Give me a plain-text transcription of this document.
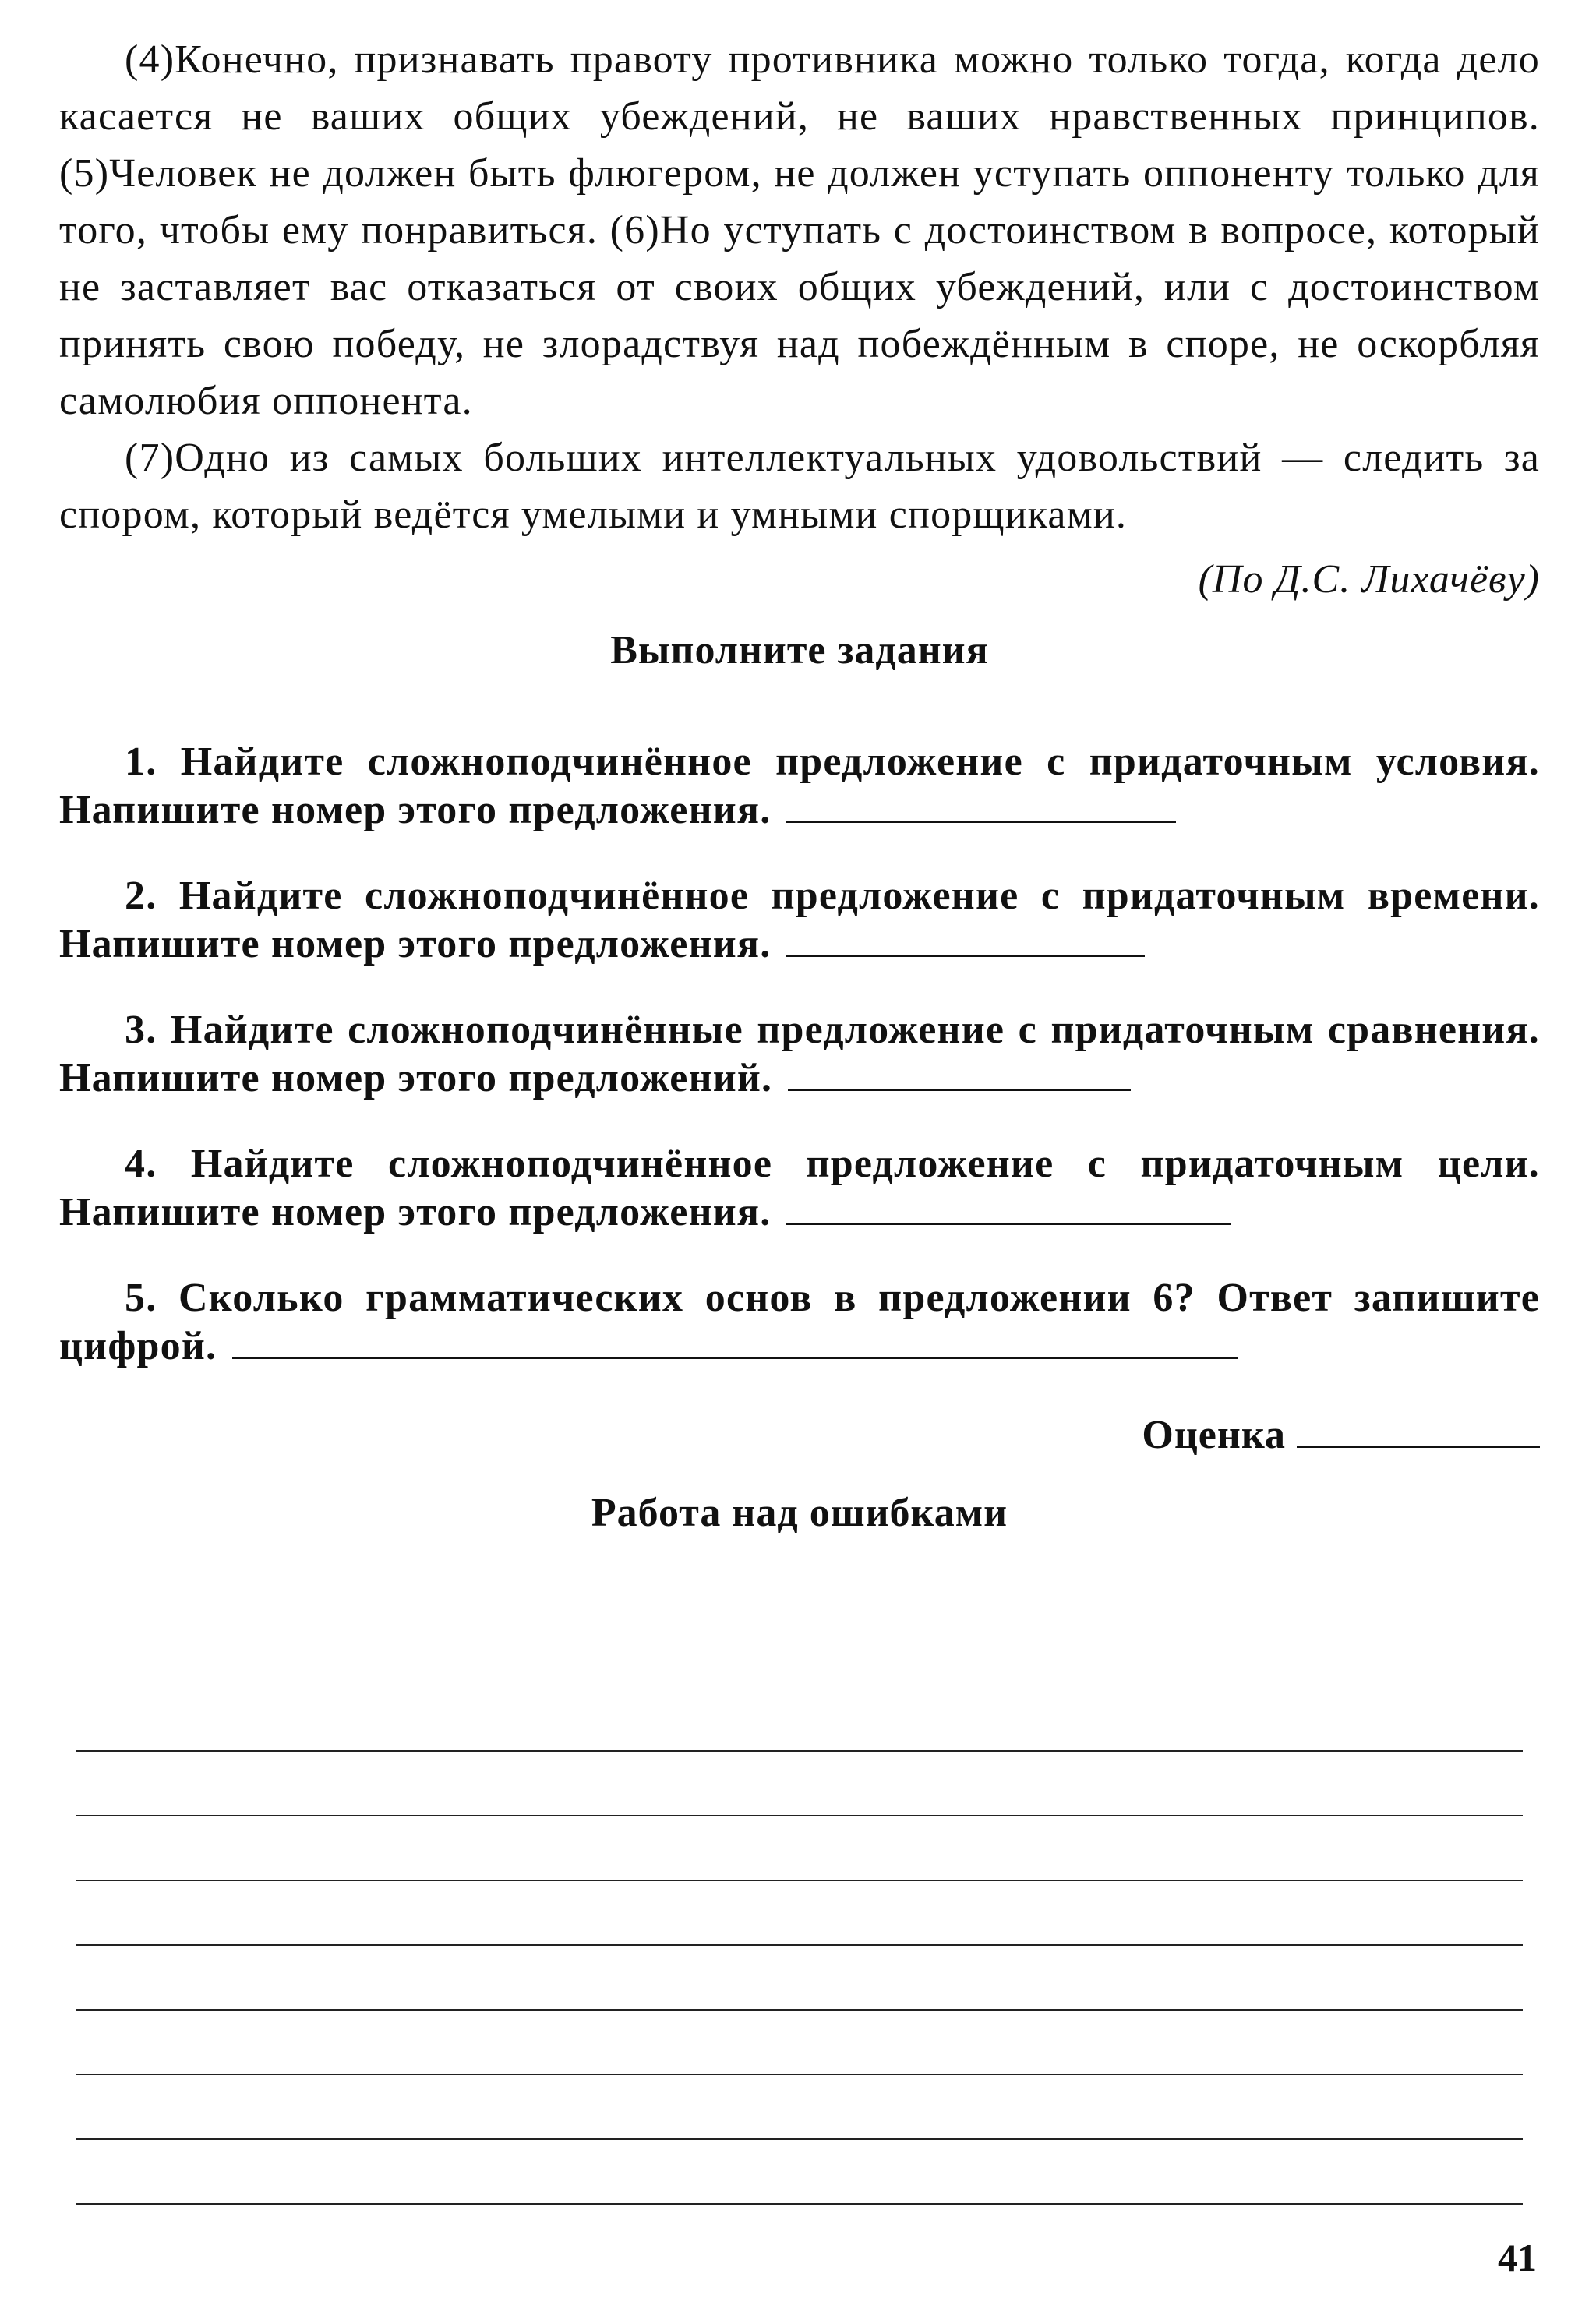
(4)Конечно, признавать правоту противника можно только тогда, когда дело касается не ваших общих убеждений, не ваших нравственных принципов. (5)Человек не должен быть флюгером, не должен уступать оппоненту только для того, чтобы ему понравиться. (6)Но уступать с достоинством в вопросе, который не заставляет вас отказаться от своих общих убеждений, или с достоинством принять свою победу, не злорадствуя над побеждённым в споре, не оскорбляя самолюбия оппонента.

(7)Одно из самых больших интеллектуальных удовольствий — следить за спором, который ведётся умелыми и умными спорщиками.

(По Д.С. Лихачёву)

Выполните задания

1. Найдите сложноподчинённое предложение с придаточным условия. Напишите номер этого предложения.

2. Найдите сложноподчинённое предложение с придаточным времени. Напишите номер этого предложения.

3. Найдите сложноподчинённые предложение с придаточным сравнения. Напишите номер этого предложений.

4. Найдите сложноподчинённое предложение с придаточным цели. Напишите номер этого предложения.

5. Сколько грамматических основ в предложении 6? Ответ запишите цифрой.

Оценка

Работа над ошибками

41
